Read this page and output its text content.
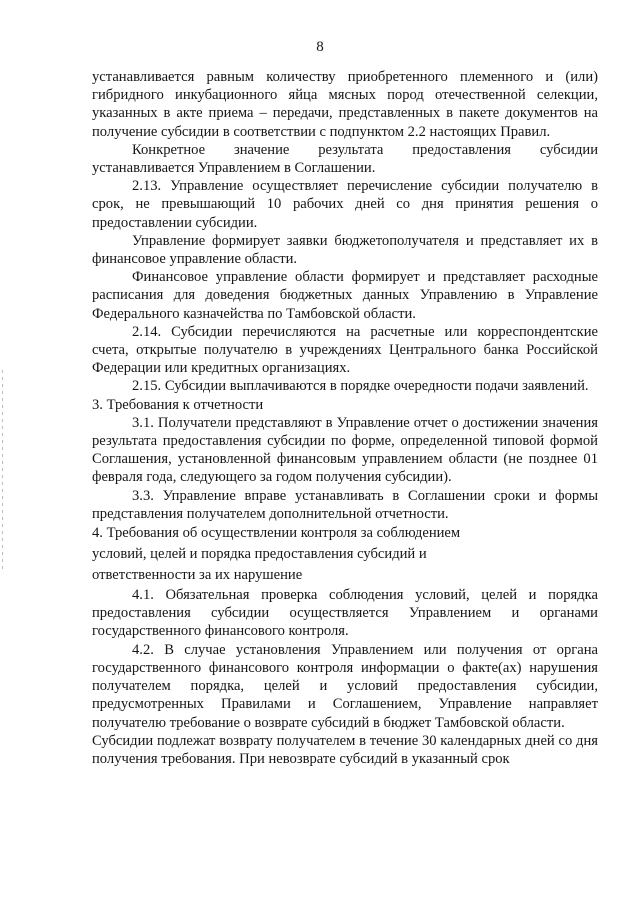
8

устанавливается равным количеству приобретенного племенного и (или) гибридного инкубационного яйца мясных пород отечественной селекции, указанных в акте приема – передачи, представленных в пакете документов на получение субсидии в соответствии с подпунктом 2.2 настоящих Правил.

Конкретное значение результата предоставления субсидии устанавливается Управлением в Соглашении.

2.13. Управление осуществляет перечисление субсидии получателю в срок, не превышающий 10 рабочих дней со дня принятия решения о предоставлении субсидии.

Управление формирует заявки бюджетополучателя и представляет их в финансовое управление области.

Финансовое управление области формирует и представляет расходные расписания для доведения бюджетных данных Управлению в Управление Федерального казначейства по Тамбовской области.

2.14. Субсидии перечисляются на расчетные или корреспондентские счета, открытые получателю в учреждениях Центрального банка Российской Федерации или кредитных организациях.

2.15. Субсидии выплачиваются в порядке очередности подачи заявлений.

3. Требования к отчетности

3.1. Получатели представляют в Управление отчет о достижении значения результата предоставления субсидии по форме, определенной типовой формой Соглашения, установленной финансовым управлением области (не позднее 01 февраля года, следующего за годом получения субсидии).

3.3. Управление вправе устанавливать в Соглашении сроки и формы представления получателем дополнительной отчетности.

4. Требования об осуществлении контроля за соблюдением
условий, целей и порядка предоставления субсидий и
ответственности за их нарушение

4.1. Обязательная проверка соблюдения условий, целей и порядка предоставления субсидии осуществляется Управлением и органами государственного финансового контроля.

4.2. В случае установления Управлением или получения от органа государственного финансового контроля информации о факте(ах) нарушения получателем порядка, целей и условий предоставления субсидии, предусмотренных Правилами и Соглашением, Управление направляет получателю требование о возврате субсидий в бюджет Тамбовской области.

Субсидии подлежат возврату получателем в течение 30 календарных дней со дня получения требования. При невозврате субсидий в указанный срок
